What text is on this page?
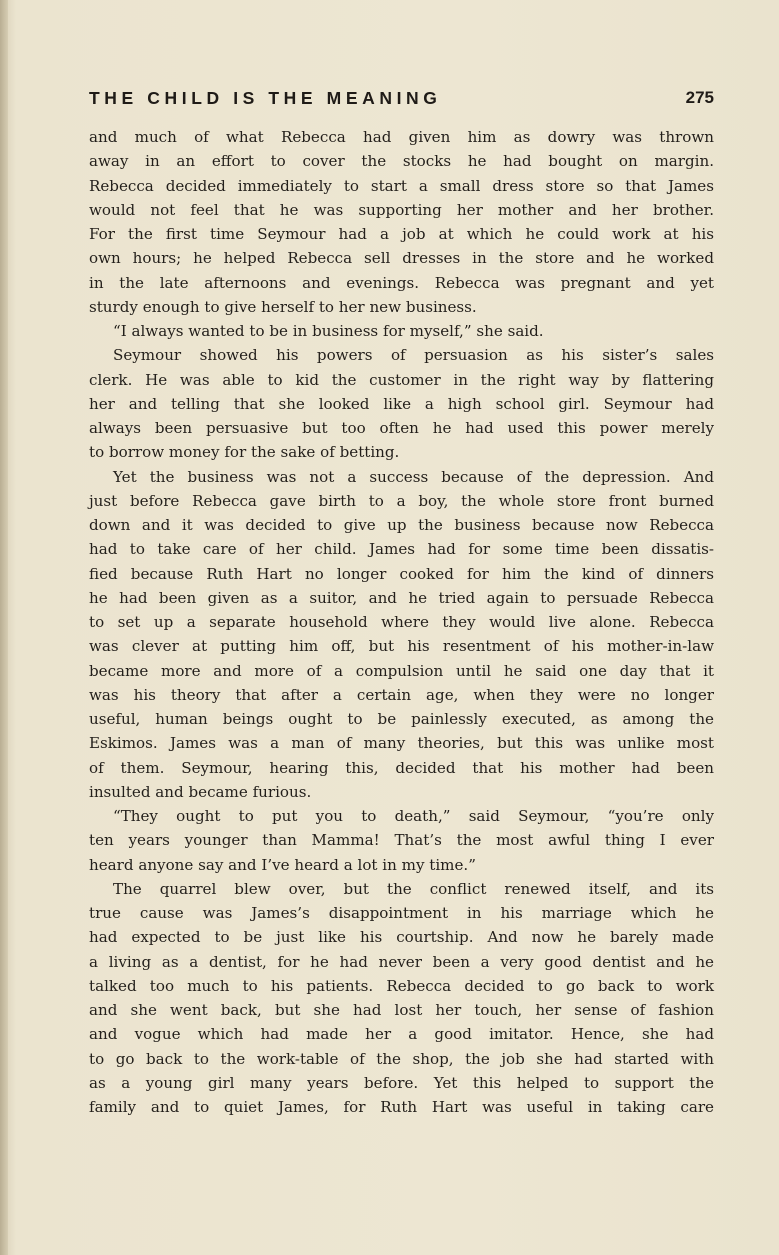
THE CHILD IS THE MEANING	275
and much of what Rebecca had given him as dowry was thrown
away in an effort to cover the stocks he had bought on margin.
Rebecca decided immediately to start a small dress store so that James
would not feel that he was supporting her mother and her brother.
For the first time Seymour had a job at which he could work at his
own hours; he helped Rebecca sell dresses in the store and he worked
in the late afternoons and evenings. Rebecca was pregnant and yet
sturdy enough to give herself to her new business.
“I always wanted to be in business for myself,” she said.
Seymour showed his powers of persuasion as his sister’s sales
clerk. He was able to kid the customer in the right way by flattering
her and telling that she looked like a high school girl. Seymour had
always been persuasive but too often he had used this power merely
to borrow money for the sake of betting.
Yet the business was not a success because of the depression. And
just before Rebecca gave birth to a boy, the whole store front burned
down and it was decided to give up the business because now Rebecca
had to take care of her child. James had for some time been dissatis-
fied because Ruth Hart no longer cooked for him the kind of dinners
he had been given as a suitor, and he tried again to persuade Rebecca
to set up a separate household where they would live alone. Rebecca
was clever at putting him off, but his resentment of his mother-in-law
became more and more of a compulsion until he said one day that it
was his theory that after a certain age, when they were no longer
useful, human beings ought to be painlessly executed, as among the
Eskimos. James was a man of many theories, but this was unlike most
of them. Seymour, hearing this, decided that his mother had been
insulted and became furious.
“They ought to put you to death,” said Seymour, “you’re only
ten years younger than Mamma! That’s the most awful thing I ever
heard anyone say and I’ve heard a lot in my time.”
The quarrel blew over, but the conflict renewed itself, and its
true cause was James’s disappointment in his marriage which he
had expected to be just like his courtship. And now he barely made
a living as a dentist, for he had never been a very good dentist and he
talked too much to his patients. Rebecca decided to go back to work
and she went back, but she had lost her touch, her sense of fashion
and vogue which had made her a good imitator. Hence, she had
to go back to the work-table of the shop, the job she had started with
as a young girl many years before. Yet this helped to support the
family and to quiet James, for Ruth Hart was useful in taking care
